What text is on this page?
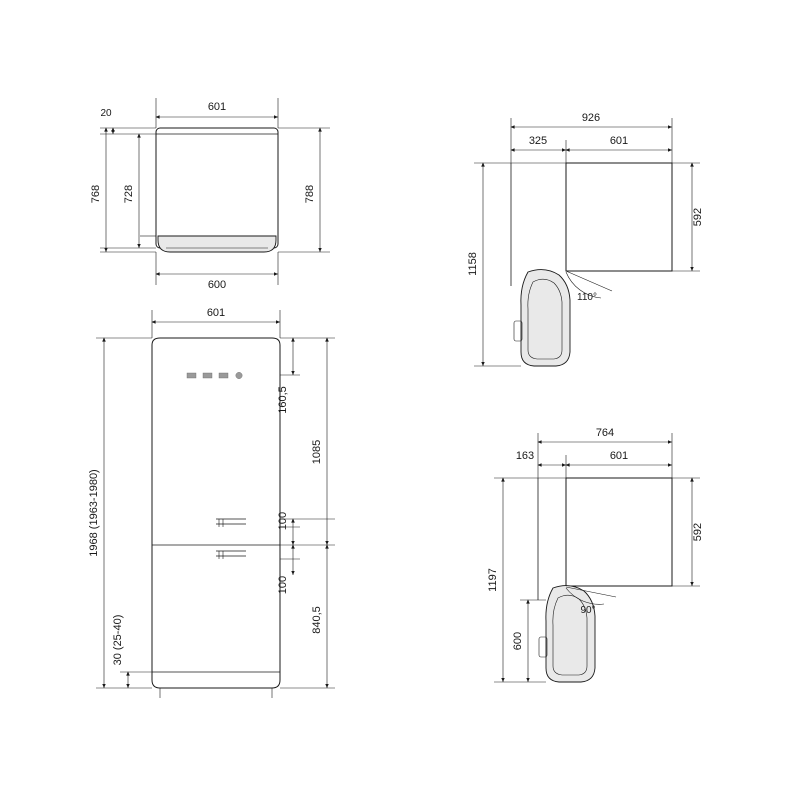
601
20
768 728	788
600
601
1968 (1963-1980)
30 (25-40)
160,5
100
100
1085
840,5
110°
926
325	601
1158
592
90°
764
163	601
1197
600
592
